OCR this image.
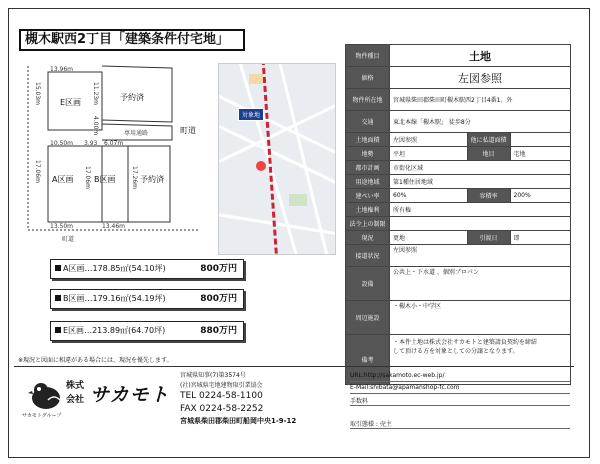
槻木駅西2丁目「建築条件付宅地」
13.96m
15.03m	11.23m
E区画
予約済
4.00m	専用通路	町道
10.50m 3.93 6.07m
17.06m A区画 17.06m B区画	17.26m 予約済
13.50m	13.46m
町道
対象地
A区画…178.85㎡(54.10坪)	800万円
B区画…179.16㎡(54.19坪)	800万円
E区画…213.89㎡(64.70坪)	880万円
※現況と図面に相違がある場合には、現況を優先します。
物件種目	土地		
価格	左図参照		
物件所在地	宮城県柴田郡柴田町槻木駅西2丁目4番1、外		
交通	東北本線「槻木駅」 徒歩8分		
土地面積	左図参照	他に私道面積	
地勢	平坦	地目	宅地
都市計画	市街化区域		
用途地域	第1種住居地域		
建ぺい率	60%	容積率	200%
土地権利	所有権		
法令上の制限			
現況	更地	引渡日	即
接道状況	左図参照		
設備	公共上・下水道 、個別プロパン		
周辺施設	・槻木小・中学区		
備考	・本件土地は株式会社サカモトと建築請負契約を締結
して頂ける方を対象としての分譲となります。		
サカモトグループ
株式会社 サカモト
宮城県知事(7)第3574号
(社)宮城県宅地建物取引業協会
TEL 0224-58-1100
FAX 0224-58-2252
宮城県柴田郡柴田町船岡中央1-9-12
URL:http://sakamoto.ec-web.jp/
E-Mail:shibata@apamanshop-fc.com
手数料
取引態様 : 売主
